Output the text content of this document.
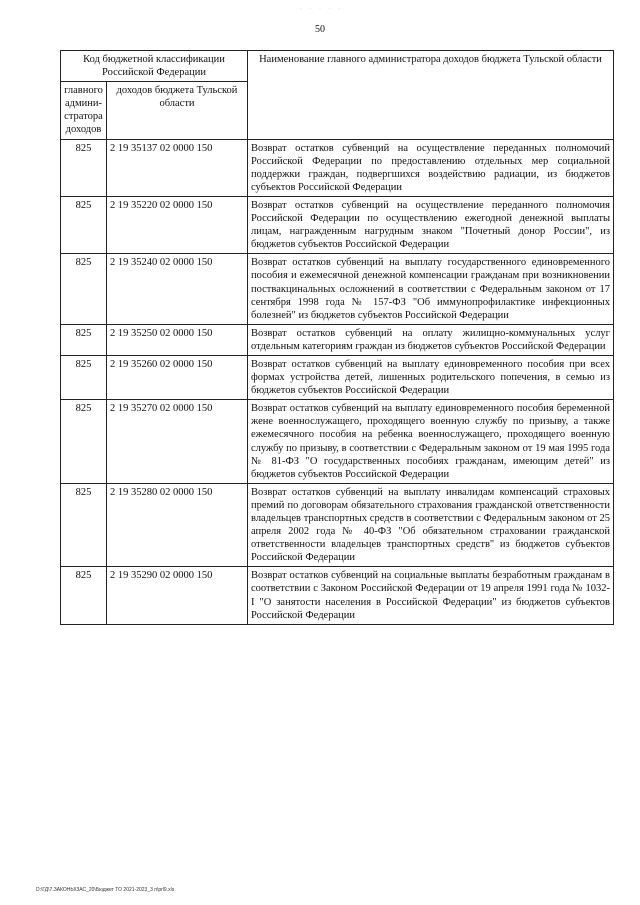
· · · · ·
50
Код бюджетной классификации Российской Федерации		Наименование главного администратора доходов бюджета Тульской области
главного админи-стратора доходов	доходов бюджета Тульской области	
825	2 19 35137 02 0000 150	Возврат остатков субвенций на осуществление переданных полномочий Российской Федерации по предоставлению отдельных мер социальной поддержки граждан, подвергшихся воздействию радиации, из бюджетов субъектов Российской Федерации
825	2 19 35220 02 0000 150	Возврат остатков субвенций на осуществление переданного полномочия Российской Федерации по осуществлению ежегодной денежной выплаты лицам, награжденным нагрудным знаком "Почетный донор России", из бюджетов субъектов Российской Федерации
825	2 19 35240 02 0000 150	Возврат остатков субвенций на выплату государственного единовременного пособия и ежемесячной денежной компенсации гражданам при возникновении поствакцинальных осложнений в соответствии с Федеральным законом от 17 сентября 1998 года № 157-ФЗ "Об иммунопрофилактике инфекционных болезней" из бюджетов субъектов Российской Федерации
825	2 19 35250 02 0000 150	Возврат остатков субвенций на оплату жилищно-коммунальных услуг отдельным категориям граждан из бюджетов субъектов Российской Федерации
825	2 19 35260 02 0000 150	Возврат остатков субвенций на выплату единовременного пособия при всех формах устройства детей, лишенных родительского попечения, в семью из бюджетов субъектов Российской Федерации
825	2 19 35270 02 0000 150	Возврат остатков субвенций на выплату единовременного пособия беременной жене военнослужащего, проходящего военную службу по призыву, а также ежемесячного пособия на ребенка военнослужащего, проходящего военную службу по призыву, в соответствии с Федеральным законом от 19 мая 1995 года № 81-ФЗ "О государственных пособиях гражданам, имеющим детей" из бюджетов субъектов Российской Федерации
825	2 19 35280 02 0000 150	Возврат остатков субвенций на выплату инвалидам компенсаций страховых премий по договорам обязательного страхования гражданской ответственности владельцев транспортных средств в соответствии с Федеральным законом от 25 апреля 2002 года № 40-ФЗ "Об обязательном страховании гражданской ответственности владельцев транспортных средств" из бюджетов субъектов Российской Федерации
825	2 19 35290 02 0000 150	Возврат остатков субвенций на социальные выплаты безработным гражданам в соответствии с Законом Российской Федерации от 19 апреля 1991 года № 1032-I "О занятости населения в Российской Федерации" из бюджетов субъектов Российской Федерации
D:\ГД\7.ЗАКОНЫ\ЗАС_20\Бюджет ТО 2021-2023_3 п\prl9.xls
